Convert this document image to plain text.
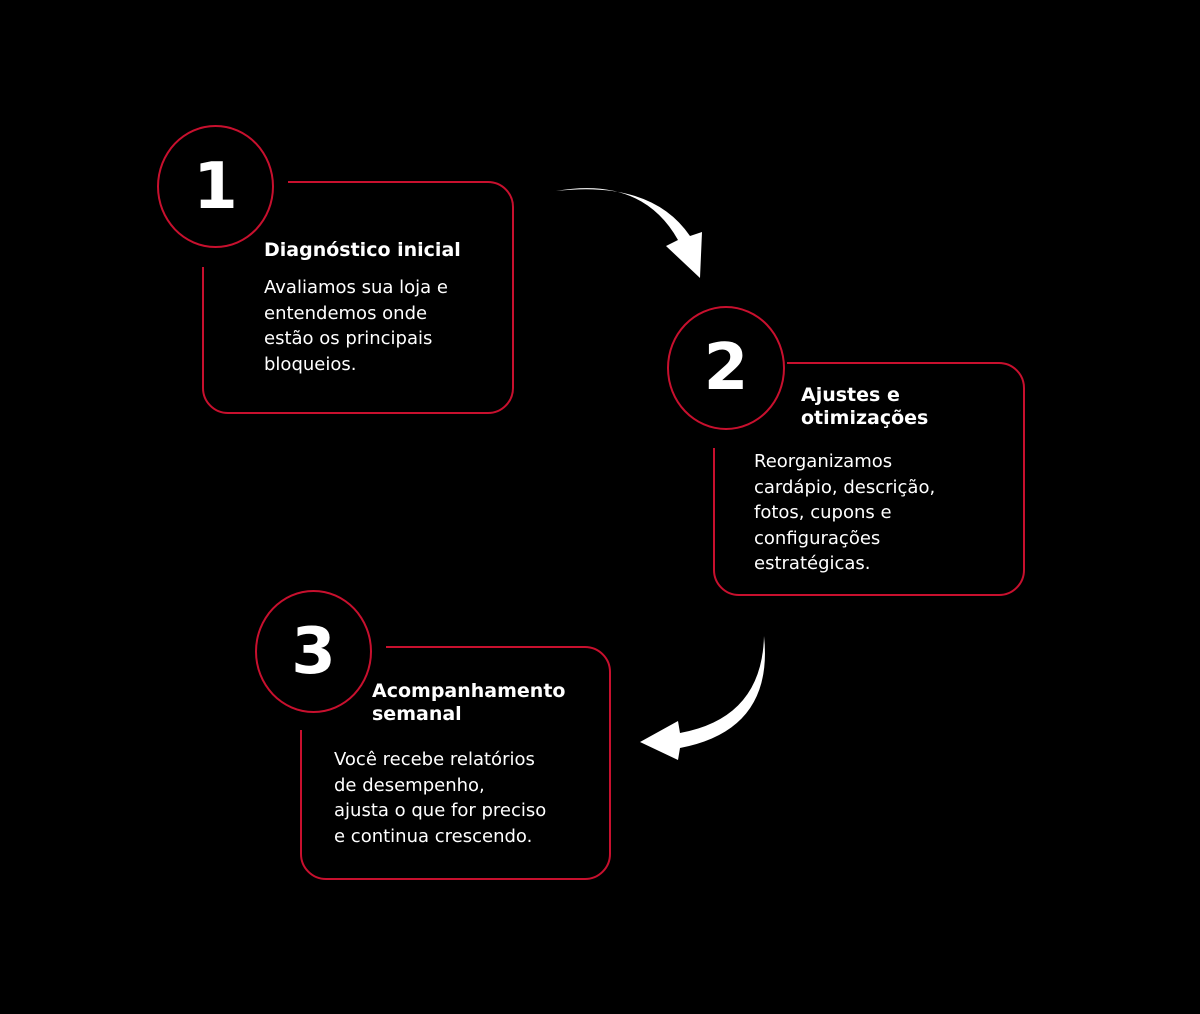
1

Diagnóstico inicial

Avaliamos sua loja e
entendemos onde
estão os principais
bloqueios.	2	Ajustes e
otimizações

Reorganizamos
cardápio, descrição,
fotos, cupons e
configurações
estratégicas.

3

Acompanhamento
semanal

Você recebe relatórios
de desempenho,
ajusta o que for preciso
e continua crescendo.
